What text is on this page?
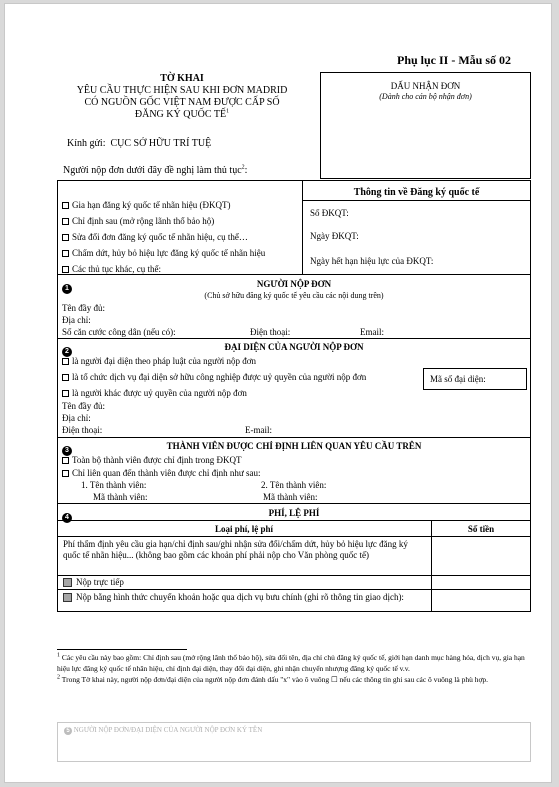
Phụ lục II - Mẫu số 02
TỜ KHAI
YÊU CẦU THỰC HIỆN SAU KHI ĐƠN MADRID
CÓ NGUỒN GỐC VIỆT NAM ĐƯỢC CẤP SỐ
ĐĂNG KÝ QUỐC TẾ$^1$
Kính gửi: CỤC SỞ HỮU TRÍ TUỆ
Người nộp đơn dưới đây đề nghị làm thủ tục$^2$:
DẤU NHẬN ĐƠN
(Dành cho cán bộ nhận đơn)
Gia hạn đăng ký quốc tế nhãn hiệu (ĐKQT)
Chỉ định sau (mở rộng lãnh thổ bảo hộ)
Sửa đổi đơn đăng ký quốc tế nhãn hiệu, cụ thể…
Chấm dứt, hủy bỏ hiệu lực đăng ký quốc tế nhãn hiệu
Các thủ tục khác, cụ thể:
Thông tin về Đăng ký quốc tế
Số ĐKQT:
Ngày ĐKQT:
Ngày hết hạn hiệu lực của ĐKQT:
1	NGƯỜI NỘP ĐƠN
(Chủ sở hữu đăng ký quốc tế yêu cầu các nội dung trên)
Tên đầy đủ:
Địa chỉ:
Số căn cước công dân (nếu có):	Điện thoại:	Email:
2	ĐẠI DIỆN CỦA NGƯỜI NỘP ĐƠN
là người đại diện theo pháp luật của người nộp đơn
là tổ chức dịch vụ đại diện sở hữu công nghiệp được uỷ quyền của người nộp đơn
là người khác được uỷ quyền của người nộp đơn
Mã số đại diện:
Tên đầy đủ:
Địa chỉ:
Điện thoại:	E-mail:
3	THÀNH VIÊN ĐƯỢC CHỈ ĐỊNH LIÊN QUAN YÊU CẦU TRÊN
Toàn bộ thành viên được chỉ định trong ĐKQT
Chỉ liên quan đến thành viên được chỉ định như sau:
1. Tên thành viên:
Mã thành viên:
2. Tên thành viên:
Mã thành viên:
4	PHÍ, LỆ PHÍ
Loại phí, lệ phí	Số tiền
Phí thẩm định yêu cầu gia hạn/chỉ định sau/ghi nhận sửa đổi/chấm dứt, hủy bỏ hiệu lực đăng ký quốc tế nhãn hiệu... (không bao gồm các khoản phí phải nộp cho Văn phòng quốc tế)
Nộp trực tiếp
Nộp bằng hình thức chuyển khoản hoặc qua dịch vụ bưu chính (ghi rõ thông tin giao dịch):
$^1$ Các yêu cầu này bao gồm: Chỉ định sau (mở rộng lãnh thổ bảo hộ), sửa đổi tên, địa chỉ chủ đăng ký quốc tế, giới hạn danh mục hàng hóa, dịch vụ, gia hạn hiệu lực đăng ký quốc tế nhãn hiệu, chỉ định đại diện, thay đổi đại diện, ghi nhận chuyển nhượng đăng ký quốc tế v.v.
$^2$ Trong Tờ khai này, người nộp đơn/đại diện của người nộp đơn đánh dấu "x" vào ô vuông ☐ nếu các thông tin ghi sau các ô vuông là phù hợp.
5 NGƯỜI NỘP ĐƠN/ĐẠI DIỆN CỦA NGƯỜI NỘP ĐƠN KÝ TÊN
